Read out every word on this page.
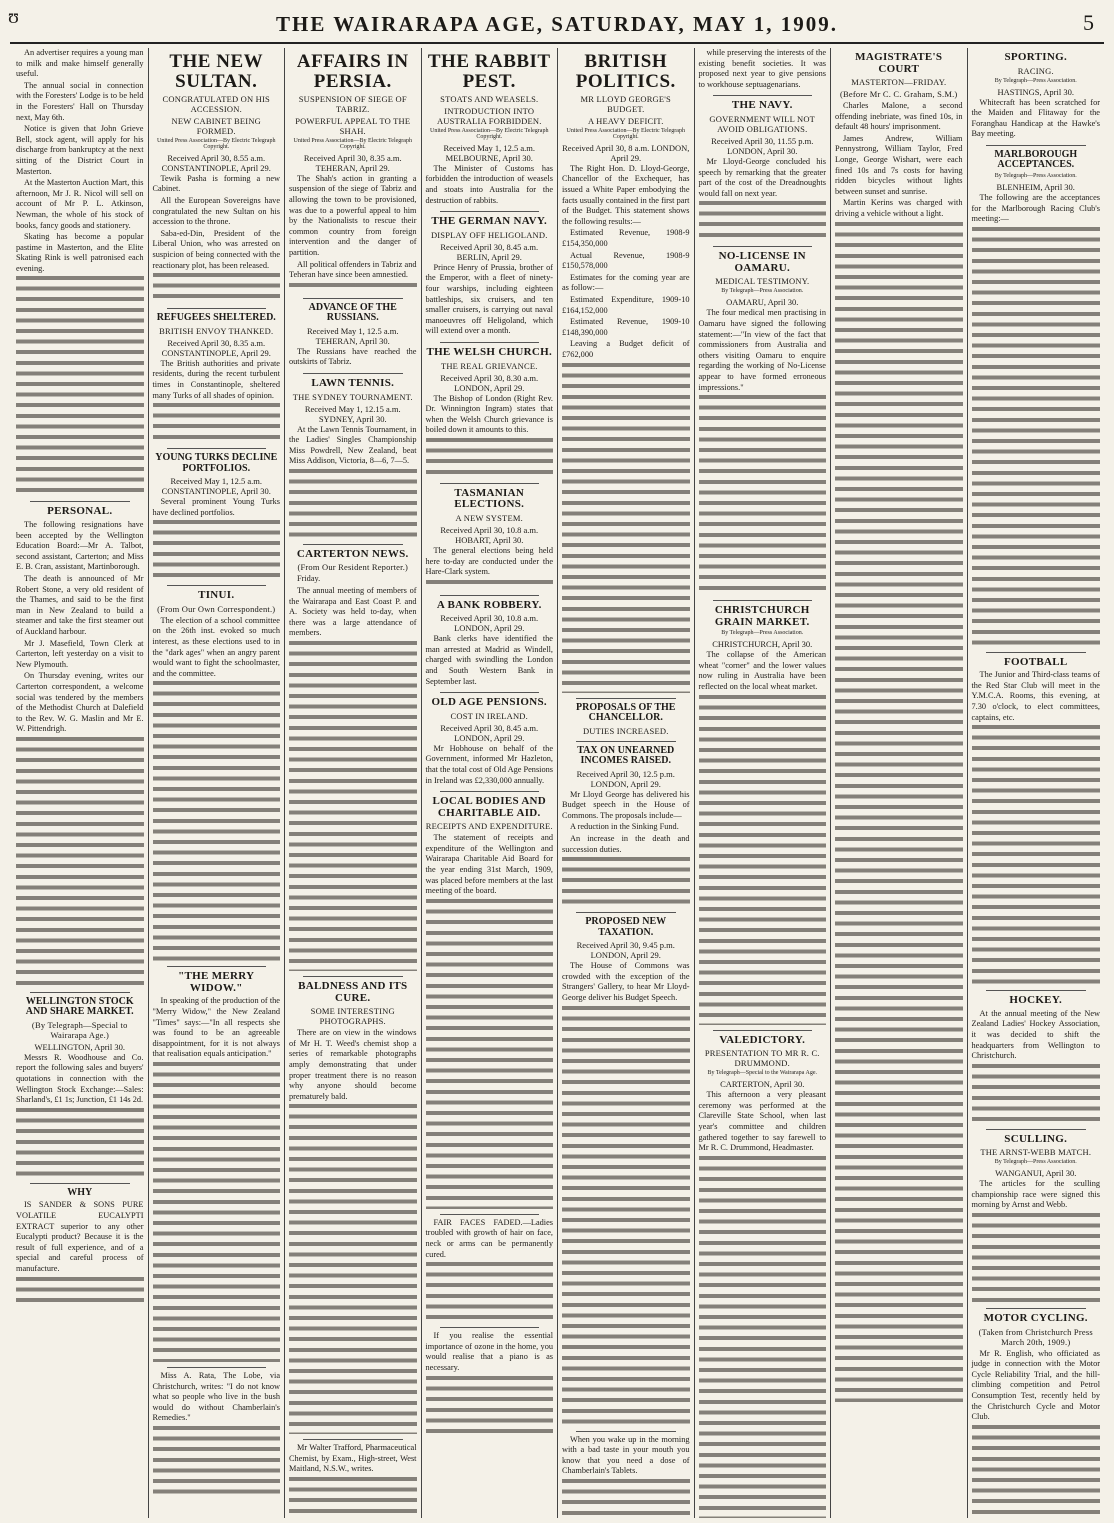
ʊ	THE WAIRARAPA AGE, SATURDAY, MAY 1, 1909.	5

An advertiser requires a young man to milk and make himself generally useful.

The annual social in connection with the Foresters' Lodge is to be held in the Foresters' Hall on Thursday next, May 6th.

Notice is given that John Grieve Bell, stock agent, will apply for his discharge from bankruptcy at the next sitting of the District Court in Masterton.

At the Masterton Auction Mart, this afternoon, Mr J. R. Nicol will sell on account of Mr P. L. Atkinson, Newman, the whole of his stock of books, fancy goods and stationery.

Skating has become a popular pastime in Masterton, and the Elite Skating Rink is well patronised each evening.

PERSONAL.

The following resignations have been accepted by the Wellington Education Board:—Mr A. Talbot, second assistant, Carterton; and Miss E. B. Cran, assistant, Martinborough.

The death is announced of Mr Robert Stone, a very old resident of the Thames, and said to be the first man in New Zealand to build a steamer and take the first steamer out of Auckland harbour.

Mr J. Masefield, Town Clerk at Carterton, left yesterday on a visit to New Plymouth.

On Thursday evening, writes our Carterton correspondent, a welcome social was tendered by the members of the Methodist Church at Dalefield to the Rev. W. G. Maslin and Mr E. W. Pittendrigh.

WELLINGTON STOCK AND SHARE MARKET.
(By Telegraph—Special to Wairarapa Age.)
WELLINGTON, April 30.

Messrs R. Woodhouse and Co. report the following sales and buyers' quotations in connection with the Wellington Stock Exchange:—Sales: Sharland's, £1 1s; Junction, £1 14s 2d.

WHY

IS SANDER & SONS PURE VOLATILE EUCALYPTI EXTRACT superior to any other Eucalypti product? Because it is the result of full experience, and of a special and careful process of manufacture.

THE NEW SULTAN.
CONGRATULATED ON HIS ACCESSION.
NEW CABINET BEING FORMED.
United Press Association—By Electric Telegraph Copyright.
Received April 30, 8.55 a.m. CONSTANTINOPLE, April 29.

Tewik Pasha is forming a new Cabinet.

All the European Sovereigns have congratulated the new Sultan on his accession to the throne.

Saba-ed-Din, President of the Liberal Union, who was arrested on suspicion of being connected with the reactionary plot, has been released.

REFUGEES SHELTERED.
BRITISH ENVOY THANKED.
Received April 30, 8.35 a.m. CONSTANTINOPLE, April 29.

The British authorities and private residents, during the recent turbulent times in Constantinople, sheltered many Turks of all shades of opinion.

YOUNG TURKS DECLINE PORTFOLIOS.
Received May 1, 12.5 a.m. CONSTANTINOPLE, April 30.

Several prominent Young Turks have declined portfolios.

TINUI.
(From Our Own Correspondent.)

The election of a school committee on the 26th inst. evoked so much interest, as these elections used to in the "dark ages" when an angry parent would want to fight the schoolmaster, and the committee.

"THE MERRY WIDOW."

In speaking of the production of the "Merry Widow," the New Zealand "Times" says:—"In all respects she was found to be an agreeable disappointment, for it is not always that realisation equals anticipation."

Miss A. Rata, The Lobe, via Christchurch, writes: "I do not know what so people who live in the bush would do without Chamberlain's Remedies."

AFFAIRS IN PERSIA.
SUSPENSION OF SIEGE OF TABRIZ.
POWERFUL APPEAL TO THE SHAH.
United Press Association—By Electric Telegraph Copyright.
Received April 30, 8.35 a.m. TEHERAN, April 29.

The Shah's action in granting a suspension of the siege of Tabriz and allowing the town to be provisioned, was due to a powerful appeal to him by the Nationalists to rescue their common country from foreign intervention and the danger of partition.

All political offenders in Tabriz and Teheran have since been amnestied.

ADVANCE OF THE RUSSIANS.
Received May 1, 12.5 a.m. TEHERAN, April 30.

The Russians have reached the outskirts of Tabriz.

LAWN TENNIS.
THE SYDNEY TOURNAMENT.
Received May 1, 12.15 a.m. SYDNEY, April 30.

At the Lawn Tennis Tournament, in the Ladies' Singles Championship Miss Powdrell, New Zealand, beat Miss Addison, Victoria, 8—6, 7—5.

CARTERTON NEWS.
(From Our Resident Reporter.)

Friday.

The annual meeting of members of the Wairarapa and East Coast P. and A. Society was held to-day, when there was a large attendance of members.

BALDNESS AND ITS CURE.
SOME INTERESTING PHOTOGRAPHS.

There are on view in the windows of Mr H. T. Weed's chemist shop a series of remarkable photographs amply demonstrating that under proper treatment there is no reason why anyone should become prematurely bald.

Mr Walter Trafford, Pharmaceutical Chemist, by Exam., High-street, West Maitland, N.S.W., writes.

THE RABBIT PEST.
STOATS AND WEASELS.
INTRODUCTION INTO AUSTRALIA FORBIDDEN.
United Press Association—By Electric Telegraph Copyright.
Received May 1, 12.5 a.m. MELBOURNE, April 30.

The Minister of Customs has forbidden the introduction of weasels and stoats into Australia for the destruction of rabbits.

THE GERMAN NAVY.
DISPLAY OFF HELIGOLAND.
Received April 30, 8.45 a.m. BERLIN, April 29.

Prince Henry of Prussia, brother of the Emperor, with a fleet of ninety-four warships, including eighteen battleships, six cruisers, and ten smaller cruisers, is carrying out naval manoeuvres off Heligoland, which will extend over a month.

THE WELSH CHURCH.
THE REAL GRIEVANCE.
Received April 30, 8.30 a.m. LONDON, April 29.

The Bishop of London (Right Rev. Dr. Winnington Ingram) states that when the Welsh Church grievance is boiled down it amounts to this.

TASMANIAN ELECTIONS.
A NEW SYSTEM.
Received April 30, 10.8 a.m. HOBART, April 30.

The general elections being held here to-day are conducted under the Hare-Clark system.

A BANK ROBBERY.
Received April 30, 10.8 a.m. LONDON, April 29.

Bank clerks have identified the man arrested at Madrid as Windell, charged with swindling the London and South Western Bank in September last.

OLD AGE PENSIONS.
COST IN IRELAND.
Received April 30, 8.45 a.m. LONDON, April 29.

Mr Hobhouse on behalf of the Government, informed Mr Hazleton, that the total cost of Old Age Pensions in Ireland was £2,330,000 annually.

LOCAL BODIES AND CHARITABLE AID.
RECEIPTS AND EXPENDITURE.

The statement of receipts and expenditure of the Wellington and Wairarapa Charitable Aid Board for the year ending 31st March, 1909, was placed before members at the last meeting of the board.

FAIR FACES FADED.—Ladies troubled with growth of hair on face, neck or arms can be permanently cured.

If you realise the essential importance of ozone in the home, you would realise that a piano is as necessary.

BRITISH POLITICS.
MR LLOYD GEORGE'S BUDGET.
A HEAVY DEFICIT.
United Press Association—By Electric Telegraph Copyright.
Received April 30, 8 a.m. LONDON, April 29.

The Right Hon. D. Lloyd-George, Chancellor of the Exchequer, has issued a White Paper embodying the facts usually contained in the first part of the Budget. This statement shows the following results:—

Estimated Revenue, 1908-9 £154,350,000

Actual Revenue, 1908-9 £150,578,000

Estimates for the coming year are as follow:—

Estimated Expenditure, 1909-10 £164,152,000

Estimated Revenue, 1909-10 £148,390,000

Leaving a Budget deficit of £762,000

PROPOSALS OF THE CHANCELLOR.
DUTIES INCREASED.
TAX ON UNEARNED INCOMES RAISED.
Received April 30, 12.5 p.m. LONDON, April 29.

Mr Lloyd George has delivered his Budget speech in the House of Commons. The proposals include—

A reduction in the Sinking Fund.

An increase in the death and succession duties.

PROPOSED NEW TAXATION.
Received April 30, 9.45 p.m. LONDON, April 29.

The House of Commons was crowded with the exception of the Strangers' Gallery, to hear Mr Lloyd-George deliver his Budget Speech.

When you wake up in the morning with a bad taste in your mouth you know that you need a dose of Chamberlain's Tablets.

while preserving the interests of the existing benefit societies. It was proposed next year to give pensions to workhouse septuagenarians.

THE NAVY.
GOVERNMENT WILL NOT AVOID OBLIGATIONS.
Received April 30, 11.55 p.m. LONDON, April 30.

Mr Lloyd-George concluded his speech by remarking that the greater part of the cost of the Dreadnoughts would fall on next year.

NO-LICENSE IN OAMARU.
MEDICAL TESTIMONY.
By Telegraph—Press Association.
OAMARU, April 30.

The four medical men practising in Oamaru have signed the following statement:—"In view of the fact that commissioners from Australia and others visiting Oamaru to enquire regarding the working of No-License appear to have formed erroneous impressions."

CHRISTCHURCH GRAIN MARKET.
By Telegraph—Press Association.
CHRISTCHURCH, April 30.

The collapse of the American wheat "corner" and the lower values now ruling in Australia have been reflected on the local wheat market.

VALEDICTORY.
PRESENTATION TO MR R. C. DRUMMOND.
By Telegraph—Special to the Wairarapa Age.
CARTERTON, April 30.

This afternoon a very pleasant ceremony was performed at the Clareville State School, when last year's committee and children gathered together to say farewell to Mr R. C. Drummond, Headmaster.

MAGISTRATE'S COURT
MASTERTON—FRIDAY.
(Before Mr C. C. Graham, S.M.)

Charles Malone, a second offending inebriate, was fined 10s, in default 48 hours' imprisonment.

James Andrew, William Pennystrong, William Taylor, Fred Longe, George Wishart, were each fined 10s and 7s costs for having ridden bicycles without lights between sunset and sunrise.

Martin Kerins was charged with driving a vehicle without a light.

SPORTING.
RACING.
By Telegraph—Press Association.
HASTINGS, April 30.

Whitecraft has been scratched for the Maiden and Flitaway for the Foranghau Handicap at the Hawke's Bay meeting.

MARLBOROUGH ACCEPTANCES.
By Telegraph—Press Association.
BLENHEIM, April 30.

The following are the acceptances for the Marlborough Racing Club's meeting:—

FOOTBALL

The Junior and Third-class teams of the Red Star Club will meet in the Y.M.C.A. Rooms, this evening, at 7.30 o'clock, to elect committees, captains, etc.

HOCKEY.

At the annual meeting of the New Zealand Ladies' Hockey Association, it was decided to shift the headquarters from Wellington to Christchurch.

SCULLING.
THE ARNST-WEBB MATCH.
By Telegraph—Press Association.
WANGANUI, April 30.

The articles for the sculling championship race were signed this morning by Arnst and Webb.

MOTOR CYCLING.
(Taken from Christchurch Press March 20th, 1909.)

Mr R. English, who officiated as judge in connection with the Motor Cycle Reliability Trial, and the hill-climbing competition and Petrol Consumption Test, recently held by the Christchurch Cycle and Motor Club.
